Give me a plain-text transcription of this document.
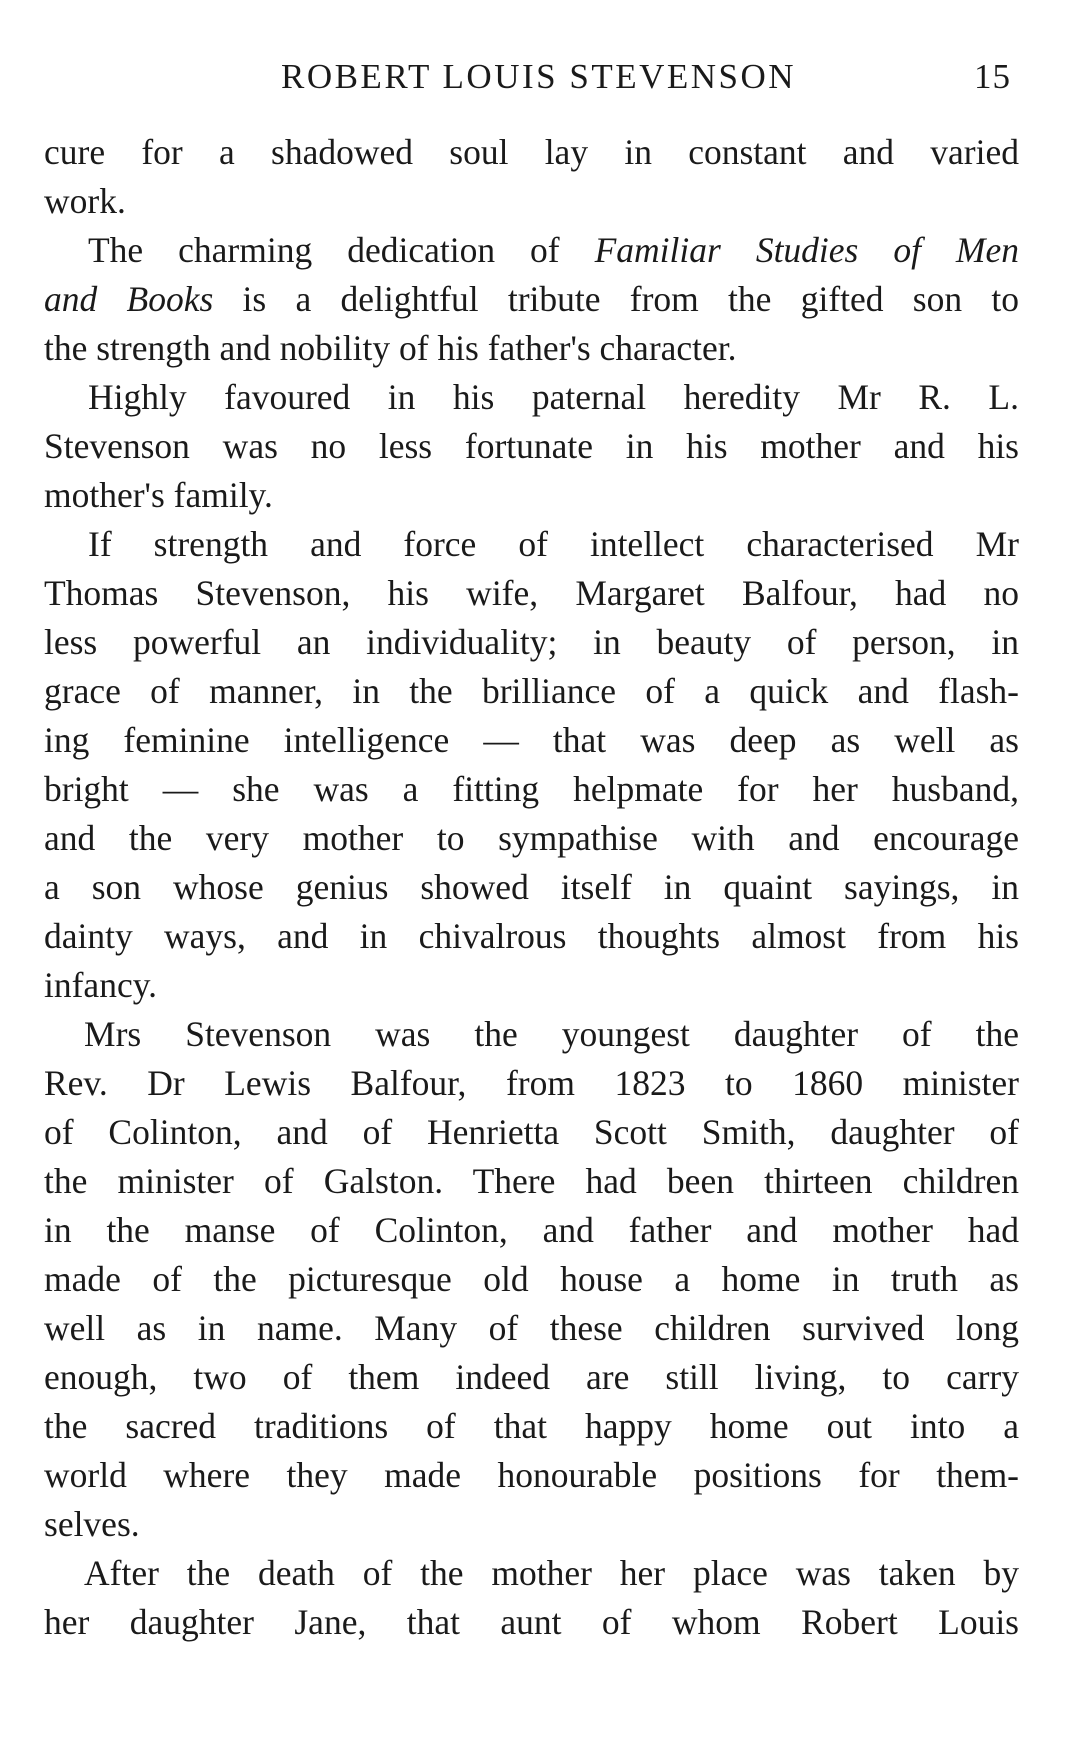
ROBERT LOUIS STEVENSON	15
cure for a shadowed soul lay in constant and varied
work.
The charming dedication of Familiar Studies of Men
and Books is a delightful tribute from the gifted son to
the strength and nobility of his father's character.
Highly favoured in his paternal heredity Mr R. L.
Stevenson was no less fortunate in his mother and his
mother's family.
If strength and force of intellect characterised Mr
Thomas Stevenson, his wife, Margaret Balfour, had no
less powerful an individuality; in beauty of person, in
grace of manner, in the brilliance of a quick and flash-
ing feminine intelligence — that was deep as well as
bright — she was a fitting helpmate for her husband,
and the very mother to sympathise with and encourage
a son whose genius showed itself in quaint sayings, in
dainty ways, and in chivalrous thoughts almost from his
infancy.
Mrs Stevenson was the youngest daughter of the
Rev. Dr Lewis Balfour, from 1823 to 1860 minister
of Colinton, and of Henrietta Scott Smith, daughter of
the minister of Galston. There had been thirteen children
in the manse of Colinton, and father and mother had
made of the picturesque old house a home in truth as
well as in name. Many of these children survived long
enough, two of them indeed are still living, to carry
the sacred traditions of that happy home out into a
world where they made honourable positions for them-
selves.
After the death of the mother her place was taken by
her daughter Jane, that aunt of whom Robert Louis
